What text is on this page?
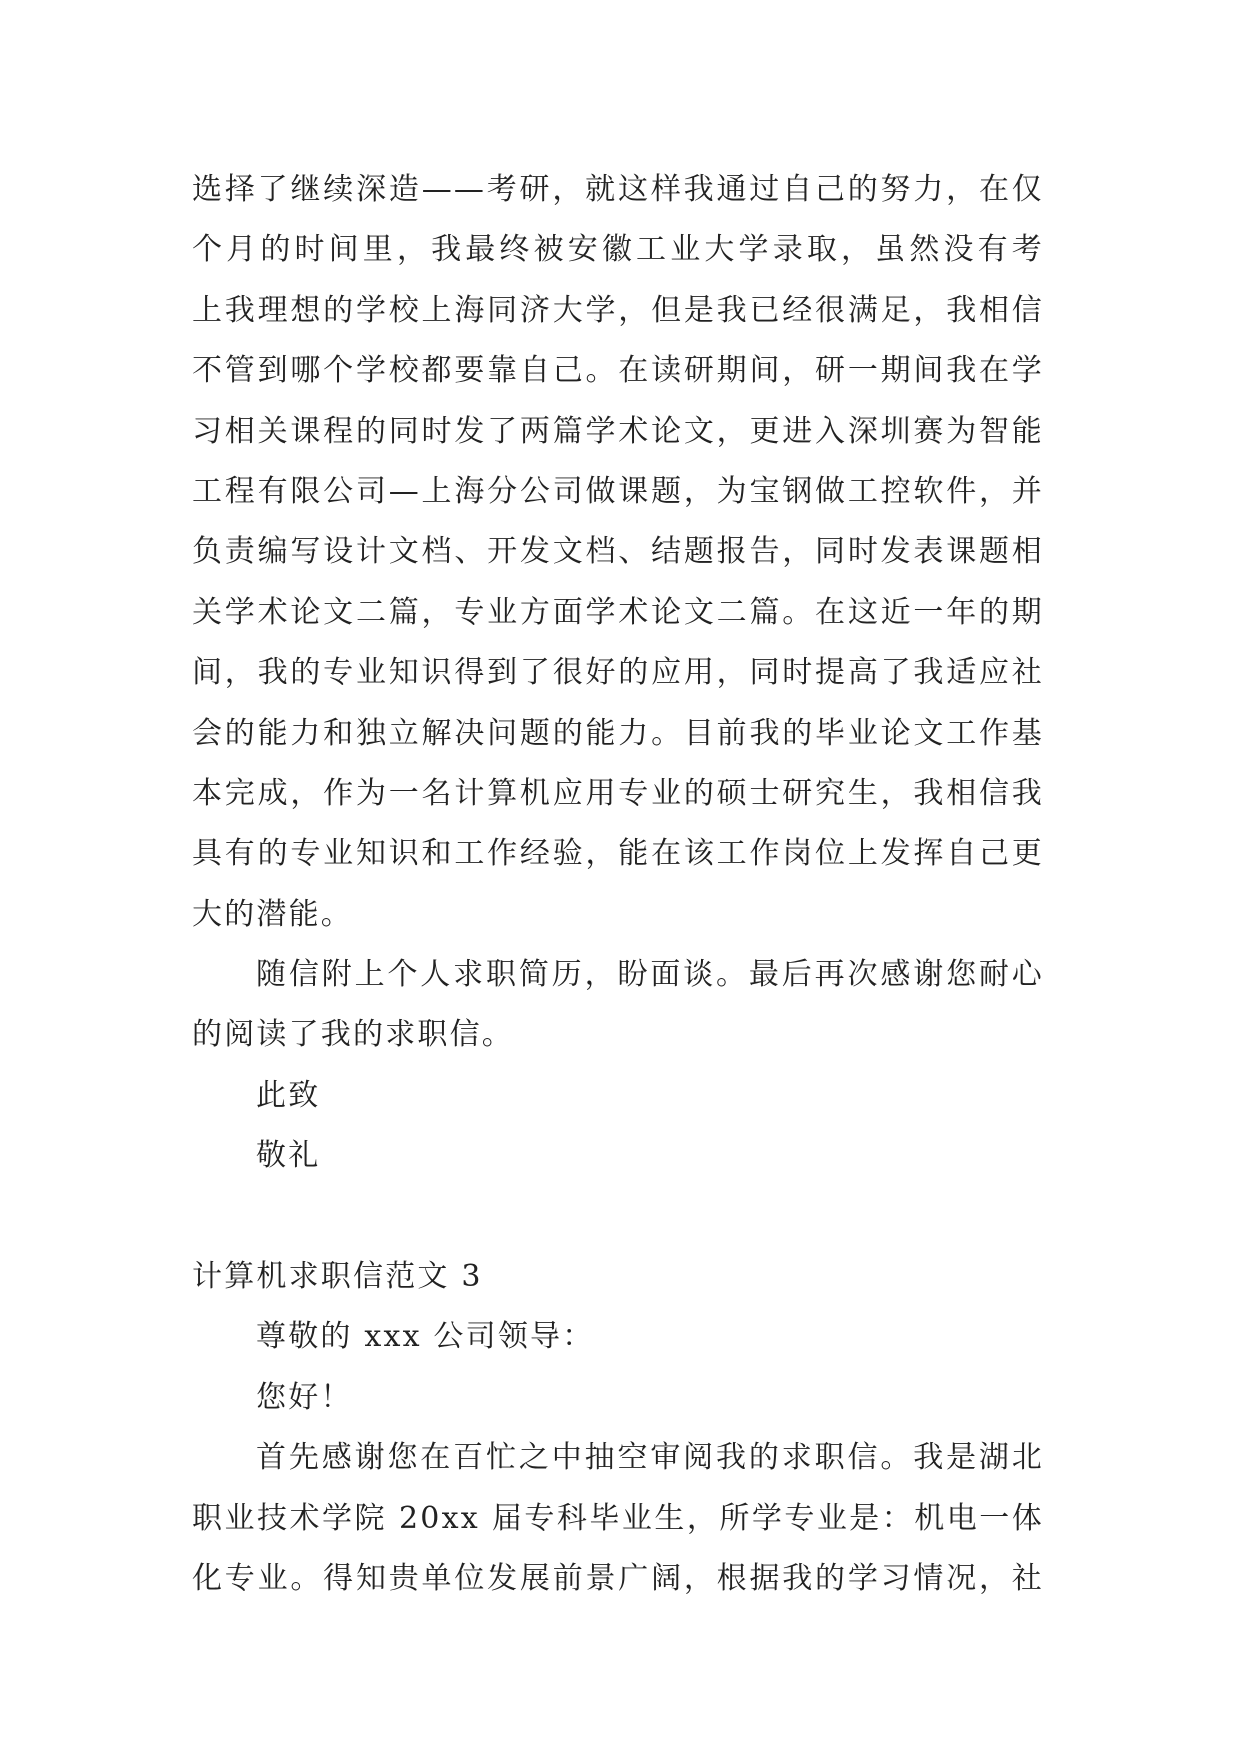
选择了继续深造——考研，就这样我通过自己的努力，在仅
个月的时间里，我最终被安徽工业大学录取，虽然没有考
上我理想的学校上海同济大学，但是我已经很满足，我相信
不管到哪个学校都要靠自己。在读研期间，研一期间我在学
习相关课程的同时发了两篇学术论文，更进入深圳赛为智能
工程有限公司—上海分公司做课题，为宝钢做工控软件，并
负责编写设计文档、开发文档、结题报告，同时发表课题相
关学术论文二篇，专业方面学术论文二篇。在这近一年的期
间，我的专业知识得到了很好的应用，同时提高了我适应社
会的能力和独立解决问题的能力。目前我的毕业论文工作基
本完成，作为一名计算机应用专业的硕士研究生，我相信我
具有的专业知识和工作经验，能在该工作岗位上发挥自己更
大的潜能。
随信附上个人求职简历，盼面谈。最后再次感谢您耐心
的阅读了我的求职信。
此致
敬礼
计算机求职信范文 3
尊敬的 xxx 公司领导：
您好！
首先感谢您在百忙之中抽空审阅我的求职信。我是湖北
职业技术学院 20xx 届专科毕业生，所学专业是：机电一体
化专业。得知贵单位发展前景广阔，根据我的学习情况，社
